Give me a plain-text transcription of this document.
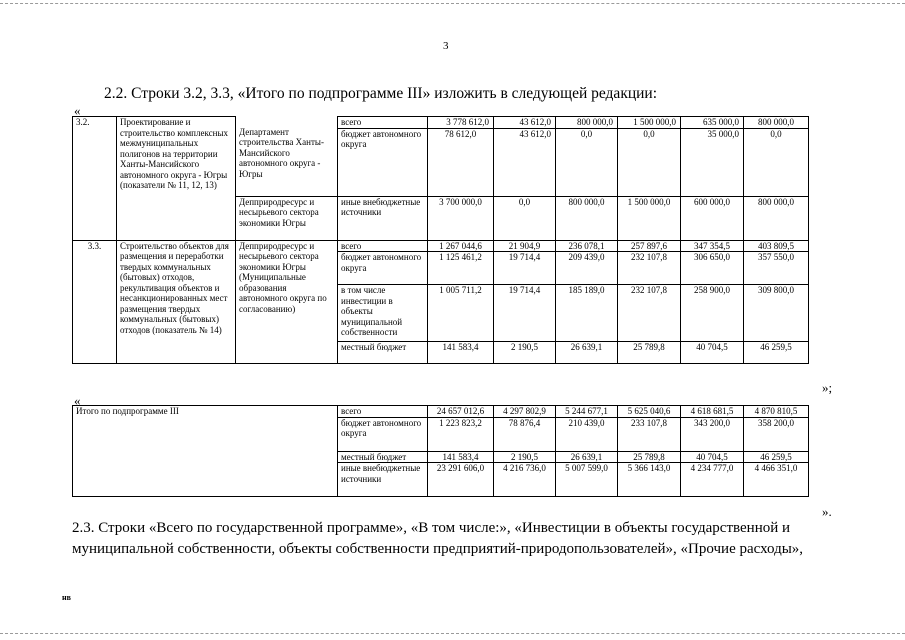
3
2.2. Строки 3.2, 3.3, «Итого по подпрограмме III» изложить в следующей редакции:
«
3.2.	Проектирование и строительство комплексных межмуниципальных полигонов на территории Ханты-Мансийского автономного округа - Югры (показатели № 11, 12, 13)	Департамент строительства Ханты-Мансийского автономного округа - Югры	всего	3 778 612,0	43 612,0	800 000,0	1 500 000,0	635 000,0	800 000,0
			бюджет автономного округа	78 612,0	43 612,0	0,0	0,0	35 000,0	0,0
		Депприродресурс и несырьевого сектора экономики Югры	иные внебюджетные источники	3 700 000,0	0,0	800 000,0	1 500 000,0	600 000,0	800 000,0
3.3.	Строительство объектов для размещения и переработки твердых коммунальных (бытовых) отходов, рекультивация объектов и несанкционированных мест размещения твердых коммунальных (бытовых) отходов (показатель № 14)	Депприродресурс и несырьевого сектора экономики Югры (Муниципальные образования автономного округа по согласованию)	всего	1 267 044,6	21 904,9	236 078,1	257 897,6	347 354,5	403 809,5
			бюджет автономного округа	1 125 461,2	19 714,4	209 439,0	232 107,8	306 650,0	357 550,0
			в том числе инвестиции в объекты муниципальной собственности	1 005 711,2	19 714,4	185 189,0	232 107,8	258 900,0	309 800,0
			местный бюджет	141 583,4	2 190,5	26 639,1	25 789,8	40 704,5	46 259,5
»;
«
Итого по подпрограмме III	всего	24 657 012,6	4 297 802,9	5 244 677,1	5 625 040,6	4 618 681,5	4 870 810,5
	бюджет автономного округа	1 223 823,2	78 876,4	210 439,0	233 107,8	343 200,0	358 200,0
	местный бюджет	141 583,4	2 190,5	26 639,1	25 789,8	40 704,5	46 259,5
	иные внебюджетные источники	23 291 606,0	4 216 736,0	5 007 599,0	5 366 143,0	4 234 777,0	4 466 351,0
».
2.3. Строки «Всего по государственной программе», «В том числе:», «Инвестиции в объекты государственной и
муниципальной собственности, объекты собственности предприятий-природопользователей», «Прочие расходы»,
нв
